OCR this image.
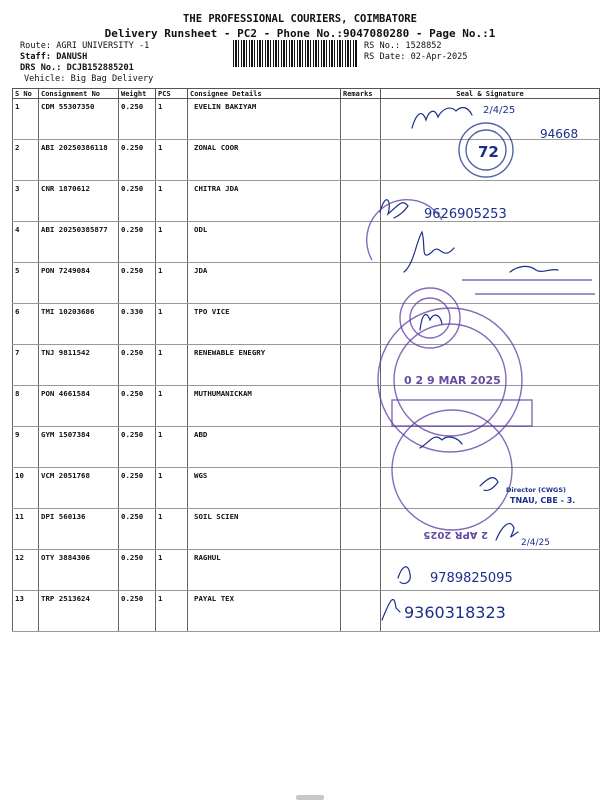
THE PROFESSIONAL COURIERS, COIMBATORE
Delivery Runsheet - PC2 - Phone No.:9047080280 - Page No.:1
Route: AGRI UNIVERSITY -1
Staff: DANUSH
DRS No.: DCJB152885201
Vehicle: Big Bag Delivery
RS No.: 1528852
RS Date: 02-Apr-2025
S No	Consignment No	Weight	PCS	Consignee Details	Remarks	Seal & Signature
1	CDM 55307350	0.250	1	EVELIN BAKIYAM		
2	ABI 20250386118	0.250	1	ZONAL COOR		
3	CNR 1870612	0.250	1	CHITRA JDA		
4	ABI 20250385877	0.250	1	ODL		
5	PON 7249084	0.250	1	JDA		
6	TMI 10203686	0.330	1	TPO VICE		
7	TNJ 9811542	0.250	1	RENEWABLE ENEGRY		
8	PON 4661584	0.250	1	MUTHUMANICKAM		
9	GYM 1507384	0.250	1	ABD		
10	VCM 2051768	0.250	1	WGS		
11	DPI 560136	0.250	1	SOIL SCIEN		
12	OTY 3884306	0.250	1	RAGHUL		
13	TRP 2513624	0.250	1	PAYAL TEX		
2/4/25
94668
72
9626905253
0 2 9 MAR 2025
Director (CWGS)
TNAU, CBE - 3.
2 APR 2025
2/4/25
9789825095
9360318323
